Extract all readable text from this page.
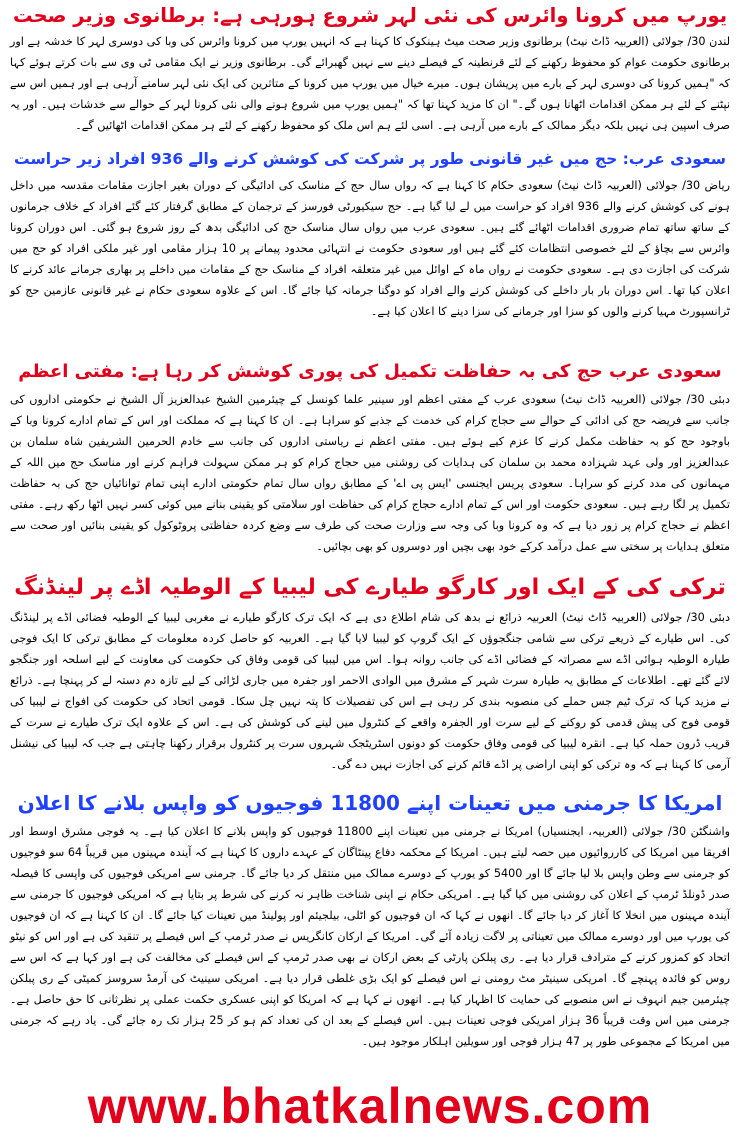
یورپ میں کرونا وائرس کی نئی لہر شروع ہورہی ہے: برطانوی وزیر صحت

لندن 30/ جولائی (العربیہ ڈاٹ نیٹ) برطانوی وزیر صحت میٹ ہینکوک کا کہنا ہے کہ انہیں یورپ میں کرونا وائرس کی وبا کی دوسری لہر کا خدشہ ہے اور برطانوی حکومت عوام کو محفوظ رکھنے کے لئے قرنطینہ کے فیصلے دینے سے نہیں گھبرائے گی۔ برطانوی وزیر نے ایک مقامی ٹی وی سے بات کرتے ہوئے کہا کہ "ہمیں کرونا کی دوسری لہر کے بارے میں پریشان ہوں۔ میرے خیال میں یورپ میں کرونا کے متاثرین کی ایک نئی لہر سامنے آرہی ہے اور ہمیں اس سے نپٹنے کے لئے ہر ممکن اقدامات اٹھانا ہوں گے۔" ان کا مزید کہنا تھا کہ "ہمیں یورپ میں شروع ہونے والی نئی کرونا لہر کے حوالے سے خدشات ہیں۔ اور یہ صرف اسپین ہی نہیں بلکہ دیگر ممالک کے بارے میں آرہی ہے۔ اسی لئے ہم اس ملک کو محفوظ رکھنے کے لئے ہر ممکن اقدامات اٹھائیں گے۔

سعودی عرب: حج میں غیر قانونی طور پر شرکت کی کوشش کرنے والے 936 افراد زیر حراست

ریاض 30/ جولائی (العربیہ ڈاٹ نیٹ) سعودی حکام کا کہنا ہے کہ رواں سال حج کے مناسک کی ادائیگی کے دوران بغیر اجازت مقامات مقدسہ میں داخل ہونے کی کوشش کرنے والے 936 افراد کو حراست میں لے لیا گیا ہے۔ حج سیکیورٹی فورسز کے ترجمان کے مطابق گرفتار کئے گئے افراد کے خلاف جرمانوں کے ساتھ ساتھ تمام ضروری اقدامات اٹھائے گئے ہیں۔ سعودی عرب میں رواں سال مناسک حج کی ادائیگی بدھ کے روز شروع ہو گئی۔ اس دوران کرونا وائرس سے بچاؤ کے لئے خصوصی انتظامات کئے گئے ہیں اور سعودی حکومت نے انتہائی محدود پیمانے پر 10 ہزار مقامی اور غیر ملکی افراد کو حج میں شرکت کی اجازت دی ہے۔ سعودی حکومت نے رواں ماہ کے اوائل میں غیر متعلقہ افراد کے مناسک حج کے مقامات میں داخلے پر بھاری جرمانے عائد کرنے کا اعلان کیا تھا۔ اس دوران بار بار داخلے کی کوشش کرنے والے افراد کو دوگنا جرمانہ کیا جائے گا۔ اس کے علاوہ سعودی حکام نے غیر قانونی عازمین حج کو ٹرانسپورٹ مہیا کرنے والوں کو سزا اور جرمانے کی سزا دینے کا اعلان کیا ہے۔

سعودی عرب حج کی بہ حفاظت تکمیل کی پوری کوشش کر رہا ہے: مفتی اعظم

دبئی 30/ جولائی (العربیہ ڈاٹ نیٹ) سعودی عرب کے مفتی اعظم اور سینیر علما کونسل کے چیئرمین الشیخ عبدالعزیز آل الشیخ نے حکومتی اداروں کی جانب سے فریضہ حج کی ادائی کے حوالے سے حجاج کرام کی خدمت کے جذبے کو سراہا ہے۔ ان کا کہنا ہے کہ مملکت اور اس کے تمام ادارے کرونا وبا کے باوجود حج کو بہ حفاظت مکمل کرنے کا عزم کیے ہوئے ہیں۔ مفتی اعظم نے ریاستی اداروں کی جانب سے خادم الحرمین الشریفین شاہ سلمان بن عبدالعزیز اور ولی عہد شہزادہ محمد بن سلمان کی ہدایات کی روشنی میں حجاج کرام کو ہر ممکن سہولت فراہم کرنے اور مناسک حج میں اللہ کے مہمانوں کی مدد کرنے کو سراہا۔ سعودی پریس ایجنسی 'ایس پی اے' کے مطابق رواں سال تمام حکومتی ادارے اپنی تمام توانائیاں حج کی بہ حفاظت تکمیل پر لگا رہے ہیں۔ سعودی حکومت اور اس کے تمام ادارے حجاج کرام کی حفاظت اور سلامتی کو یقینی بنانے میں کوئی کسر نہیں اٹھا رکھ رہے۔ مفتی اعظم نے حجاج کرام پر زور دیا ہے کہ وہ کرونا وبا کی وجہ سے وزارت صحت کی طرف سے وضع کردہ حفاظتی پروٹوکول کو یقینی بنائیں اور صحت سے متعلق ہدایات پر سختی سے عمل درآمد کرکے خود بھی بچیں اور دوسروں کو بھی بچائیں۔

ترکی کی کے ایک اور کارگو طیارے کی لیبیا کے الوطیہ اڈے پر لینڈنگ

دبئی 30/ جولائی (العربیہ ڈاٹ نیٹ) العربیہ ذرائع نے بدھ کی شام اطلاع دی ہے کہ ایک ترک کارگو طیارے نے مغربی لیبیا کے الوطیہ فضائی اڈے پر لینڈنگ کی۔ اس طیارے کے ذریعے ترکی سے شامی جنگجوؤں کے ایک گروپ کو لیبیا لایا گیا ہے۔ العربیہ کو حاصل کردہ معلومات کے مطابق ترکی کا ایک فوجی طیارہ الوطیہ ہوائی اڈے سے مصراتہ کے فضائی اڈے کی جانب روانہ ہوا۔ اس میں لیبیا کی قومی وفاق کی حکومت کی معاونت کے لیے اسلحہ اور جنگجو لائے گئے تھے۔ اطلاعات کے مطابق یہ طیارہ سرت شہر کے مشرق میں الوادی الاحمر اور جفرہ میں جاری لڑائی کے لیے تازہ دم دستہ لے کر پہنچا ہے۔ ذرائع نے مزید کہا کہ ترک ٹیم جس حملے کی منصوبہ بندی کر رہی ہے اس کی تفصیلات کا پتہ نہیں چل سکا۔ قومی اتحاد کی حکومت کی افواج نے لیبیا کی قومی فوج کی پیش قدمی کو روکنے کے لیے سرت اور الجفرہ واقعے کے کنٹرول میں لینے کی کوشش کی ہے۔ اس کے علاوہ ایک ترک طیارے نے سرت کے قریب ڈرون حملہ کیا ہے۔ انقرہ لیبیا کی قومی وفاق حکومت کو دونوں اسٹریٹجک شہروں سرت پر کنٹرول برقرار رکھنا چاہتی ہے جب کہ لیبیا کی نیشنل آرمی کا کہنا ہے کہ وہ ترکی کو اپنی اراضی پر اڈے قائم کرنے کی اجازت نہیں دے گی۔

امریکا کا جرمنی میں تعینات اپنے 11800 فوجیوں کو واپس بلانے کا اعلان

واشنگٹن 30/ جولائی (العربیہ، ایجنسیاں) امریکا نے جرمنی میں تعینات اپنے 11800 فوجیوں کو واپس بلانے کا اعلان کیا ہے۔ یہ فوجی مشرق اوسط اور افریقا میں امریکا کی کارروائیوں میں حصہ لیتے ہیں۔ امریکا کے محکمہ دفاع پینٹاگان کے عہدے داروں کا کہنا ہے کہ آیندہ مہینوں میں قریباً 64 سو فوجیوں کو جرمنی سے وطن واپس بلا لیا جائے گا اور 5400 کو یورپ کے دوسرے ممالک میں منتقل کر دیا جائے گا۔ جرمنی سے امریکی فوجیوں کی واپسی کا فیصلہ صدر ڈونلڈ ٹرمپ کے اعلان کی روشنی میں کیا گیا ہے۔ امریکی حکام نے اپنی شناخت ظاہر نہ کرنے کی شرط پر بتایا ہے کہ امریکی فوجیوں کا جرمنی سے آیندہ مہینوں میں انخلا کا آغاز کر دیا جائے گا۔ انھوں نے کہا کہ ان فوجیوں کو اٹلی، بیلجیئم اور پولینڈ میں تعینات کیا جائے گا۔ ان کا کہنا ہے کہ ان فوجیوں کی یورپ میں اور دوسرے ممالک میں تعیناتی پر لاگت زیادہ آئے گی۔ امریکا کے ارکان کانگریس نے صدر ٹرمپ کے اس فیصلے پر تنقید کی ہے اور اس کو نیٹو اتحاد کو کمزور کرنے کے مترادف قرار دیا ہے۔ ری پبلکن پارٹی کے بعض ارکان نے بھی صدر ٹرمپ کے اس فیصلے کی مخالفت کی ہے اور کہا ہے کہ اس سے روس کو فائدہ پہنچے گا۔ امریکی سینیٹر مٹ رومنی نے اس فیصلے کو ایک بڑی غلطی قرار دیا ہے۔ امریکی سینیٹ کی آرمڈ سروسز کمیٹی کے ری پبلکن چیئرمین جیم انہوف نے اس منصوبے کی حمایت کا اظہار کیا ہے۔ انھوں نے کہا ہے کہ امریکا کو اپنی عسکری حکمت عملی پر نظرثانی کا حق حاصل ہے۔ جرمنی میں اس وقت قریباً 36 ہزار امریکی فوجی تعینات ہیں۔ اس فیصلے کے بعد ان کی تعداد کم ہو کر 25 ہزار تک رہ جائے گی۔ یاد رہے کہ جرمنی میں امریکا کے مجموعی طور پر 47 ہزار فوجی اور سویلین اہلکار موجود ہیں۔

www.bhatkalnews.com
